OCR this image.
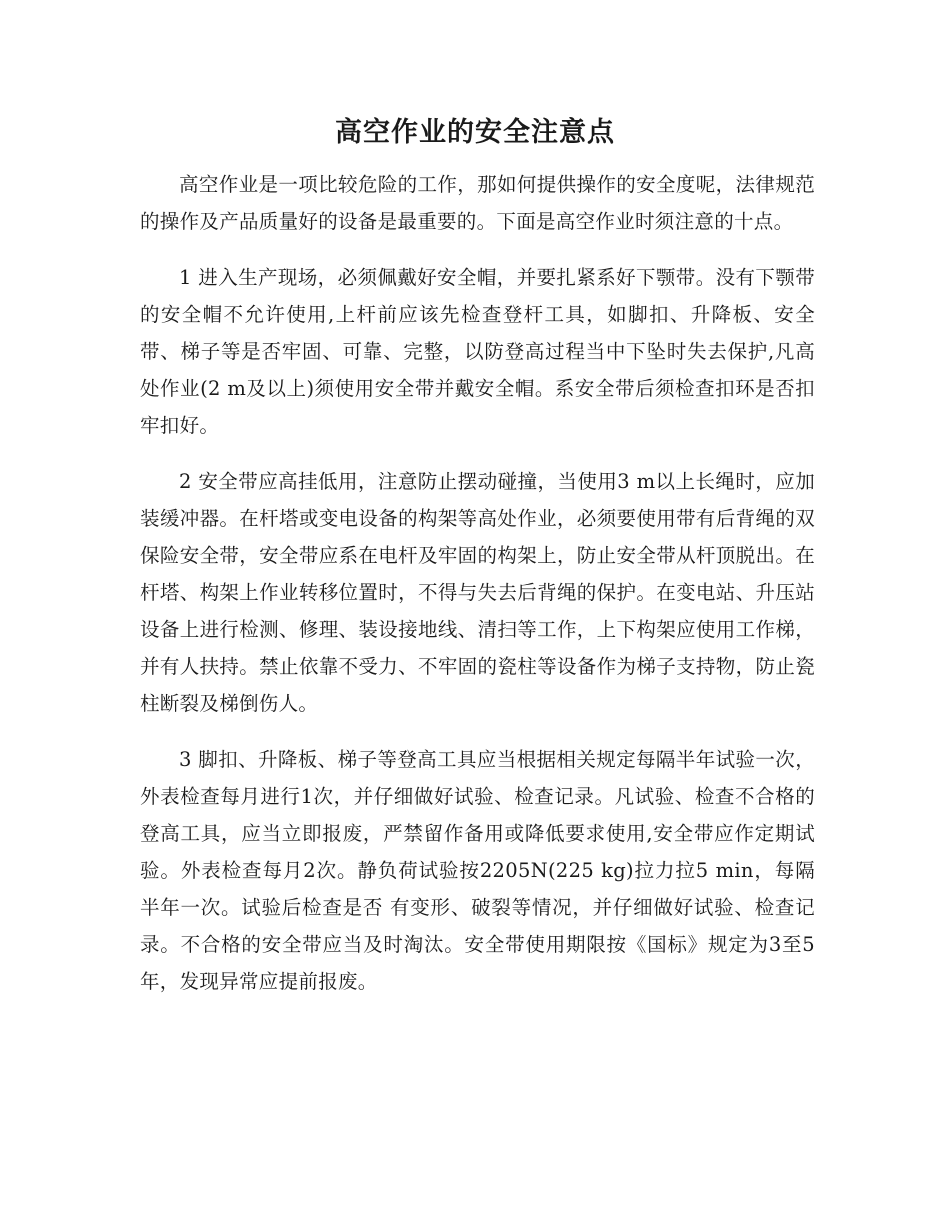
高空作业的安全注意点

高空作业是一项比较危险的工作，那如何提供操作的安全度呢，法律规范的操作及产品质量好的设备是最重要的。下面是高空作业时须注意的十点。

1 进入生产现场，必须佩戴好安全帽，并要扎紧系好下颚带。没有下颚带的安全帽不允许使用,上杆前应该先检查登杆工具，如脚扣、升降板、安全带、梯子等是否牢固、可靠、完整，以防登高过程当中下坠时失去保护,凡高处作业(2 m及以上)须使用安全带并戴安全帽。系安全带后须检查扣环是否扣牢扣好。

2 安全带应高挂低用，注意防止摆动碰撞，当使用3 m以上长绳时，应加装缓冲器。在杆塔或变电设备的构架等高处作业，必须要使用带有后背绳的双保险安全带，安全带应系在电杆及牢固的构架上，防止安全带从杆顶脱出。在杆塔、构架上作业转移位置时，不得与失去后背绳的保护。在变电站、升压站设备上进行检测、修理、装设接地线、清扫等工作，上下构架应使用工作梯，并有人扶持。禁止依靠不受力、不牢固的瓷柱等设备作为梯子支持物，防止瓷柱断裂及梯倒伤人。

3 脚扣、升降板、梯子等登高工具应当根据相关规定每隔半年试验一次，外表检查每月进行1次，并仔细做好试验、检查记录。凡试验、检查不合格的登高工具，应当立即报废，严禁留作备用或降低要求使用,安全带应作定期试验。外表检查每月2次。静负荷试验按2205N(225 kg)拉力拉5 min，每隔半年一次。试验后检查是否 有变形、破裂等情况，并仔细做好试验、检查记录。不合格的安全带应当及时淘汰。安全带使用期限按《国标》规定为3至5年，发现异常应提前报废。
